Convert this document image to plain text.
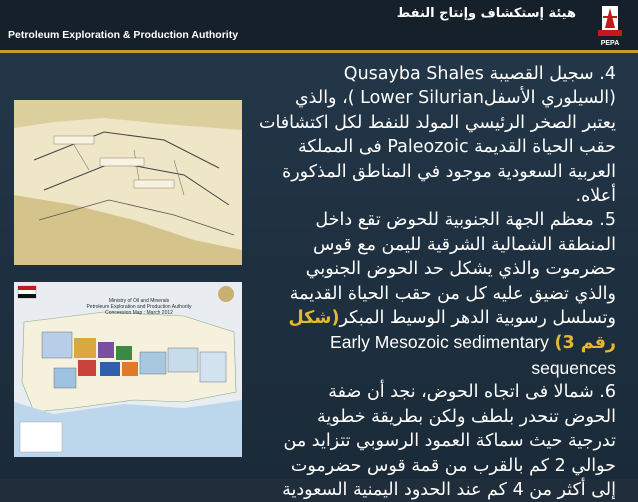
هيئة إستكشاف وإنتاج النفط
Petroleum Exploration & Production Authority
PEPA
Ministry of Oil and Minerals
Petroleum Exploration and Production Authority
Concession Map : March 2012
4. سجيل القصيبة Qusayba Shales
(السيلوري الأسفلLower Silurian )، والذي
يعتبر الصخر الرئيسي المولد للنفط لكل اكتشافات
حقب الحياة القديمة Paleozoic فى المملكة
العربية السعودية موجود في المناطق المذكورة
أعلاه.
5. معظم الجهة الجنوبية للحوض تقع داخل
المنطقة الشمالية الشرقية لليمن مع قوس
حضرموت والذي يشكل حد الحوض الجنوبي
والذي تضيق عليه كل من حقب الحياة القديمة
وتسلسل رسوبية الدهر الوسيط المبكر(شكل
رقم 3) Early Mesozoic sedimentary
sequences
6. شمالا فى اتجاه الحوض، نجد أن ضفة
الحوض تنحدر بلطف ولكن بطريقة خطوية
تدرجية حيث سماكة العمود الرسوبي تتزايد من
حوالي 2 كم بالقرب من قمة قوس حضرموت
إلى أكثر من 4 كم عند الحدود اليمنية السعودية
